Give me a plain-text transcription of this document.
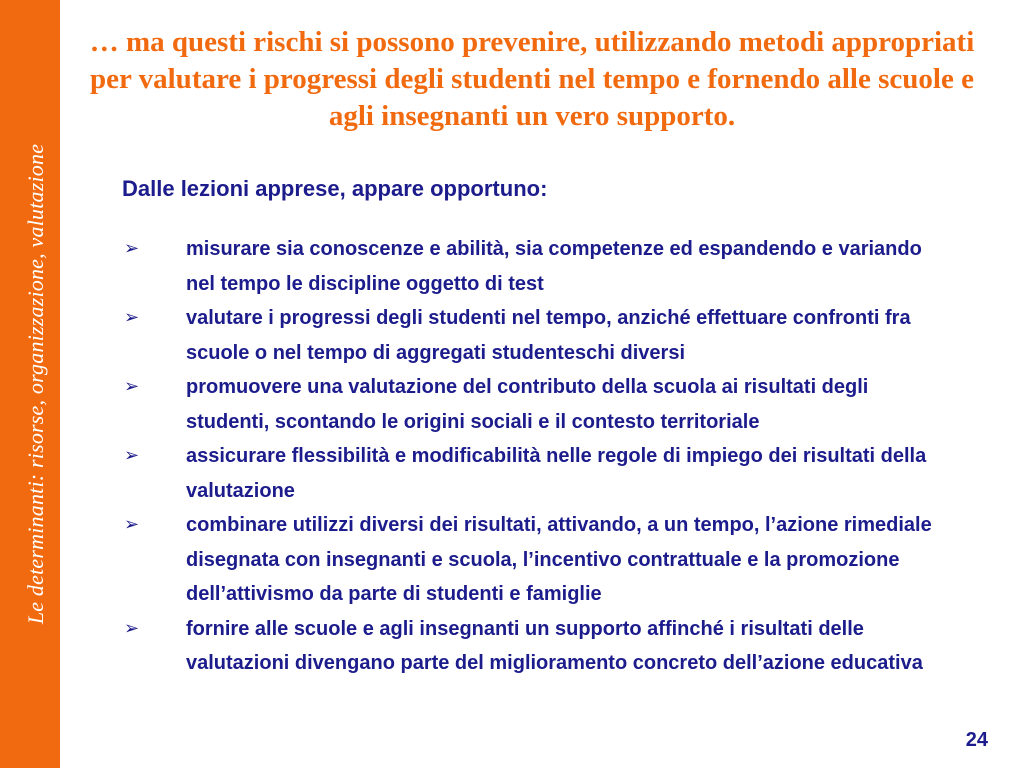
Le determinanti: risorse, organizzazione, valutazione
… ma questi rischi si possono prevenire, utilizzando metodi appropriati per valutare i progressi degli studenti nel tempo e fornendo alle scuole e agli insegnanti un vero supporto.

Dalle lezioni apprese, appare opportuno:

➢ misurare sia conoscenze e abilità, sia competenze ed espandendo e variando nel tempo le discipline oggetto di test
➢ valutare i progressi degli studenti nel tempo, anziché effettuare confronti fra scuole o nel tempo di aggregati studenteschi diversi
➢ promuovere una valutazione del contributo della scuola ai risultati degli studenti, scontando le origini sociali e il contesto territoriale
➢ assicurare flessibilità e modificabilità nelle regole di impiego dei risultati della valutazione
➢ combinare utilizzi diversi dei risultati, attivando, a un tempo, l’azione rimediale disegnata con insegnanti e scuola, l’incentivo contrattuale e la promozione dell’attivismo da parte di studenti e famiglie
➢ fornire alle scuole e agli insegnanti un supporto affinché i risultati delle valutazioni divengano parte del miglioramento concreto dell’azione educativa
24
